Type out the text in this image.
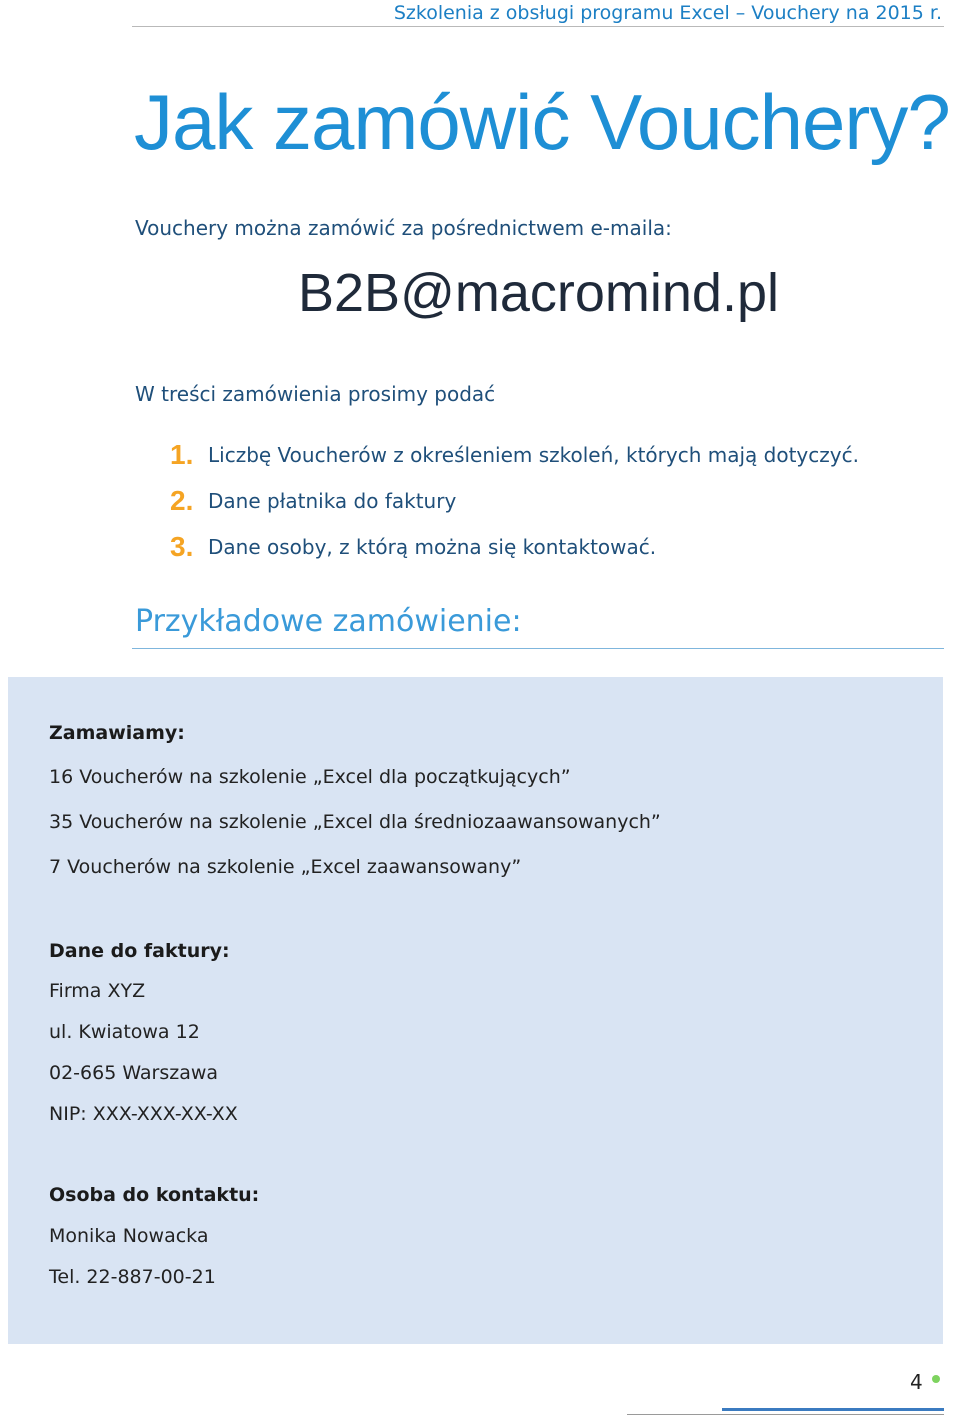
Szkolenia z obsługi programu Excel – Vouchery na 2015 r.
Jak zamówić Vouchery?
Vouchery można zamówić za pośrednictwem e-maila:
B2B@macromind.pl
W treści zamówienia prosimy podać
1. Liczbę Voucherów z określeniem szkoleń, których mają dotyczyć.
2. Dane płatnika do faktury
3. Dane osoby, z którą można się kontaktować.
Przykładowe zamówienie:
Zamawiamy:
16 Voucherów na szkolenie „Excel dla początkujących”
35 Voucherów na szkolenie „Excel dla średniozaawansowanych”
7 Voucherów na szkolenie „Excel zaawansowany”
Dane do faktury:
Firma XYZ
ul. Kwiatowa 12
02-665 Warszawa
NIP: XXX-XXX-XX-XX
Osoba do kontaktu:
Monika Nowacka
Tel. 22-887-00-21
4
